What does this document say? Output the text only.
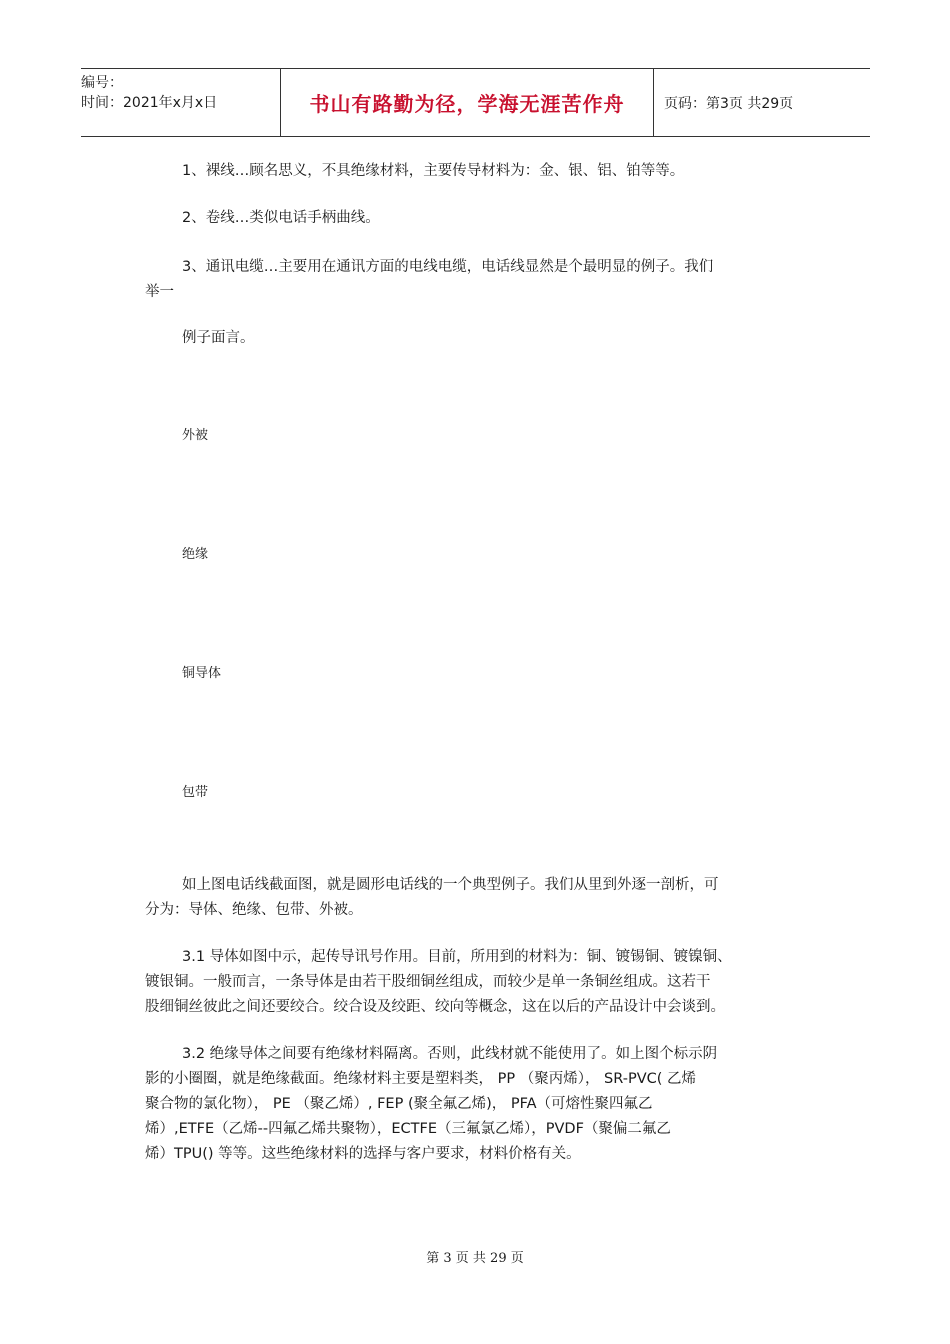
编号：
时间：2021年x月x日	书山有路勤为径，学海无涯苦作舟	页码：第3页 共29页
1、裸线…顾名思义，不具绝缘材料，主要传导材料为：金、银、铝、铂等等。
2、卷线…类似电话手柄曲线。
3、通讯电缆…主要用在通讯方面的电线电缆，电话线显然是个最明显的例子。我们
举一
例子面言。
外被
绝缘
铜导体
包带
如上图电话线截面图，就是圆形电话线的一个典型例子。我们从里到外逐一剖析，可
分为：导体、绝缘、包带、外被。
3.1 导体如图中示，起传导讯号作用。目前，所用到的材料为：铜、镀锡铜、镀镍铜、
镀银铜。一般而言，一条导体是由若干股细铜丝组成，而较少是单一条铜丝组成。这若干
股细铜丝彼此之间还要绞合。绞合设及绞距、绞向等概念，这在以后的产品设计中会谈到。
3.2 绝缘导体之间要有绝缘材料隔离。否则，此线材就不能使用了。如上图个标示阴
影的小圈圈，就是绝缘截面。绝缘材料主要是塑料类， PP （聚丙烯）， SR-PVC( 乙烯
聚合物的氯化物）， PE （聚乙烯）, FEP (聚全氟乙烯)， PFA（可熔性聚四氟乙
烯）,ETFE（乙烯--四氟乙烯共聚物），ECTFE（三氟氯乙烯），PVDF（聚偏二氟乙
烯）TPU() 等等。这些绝缘材料的选择与客户要求，材料价格有关。
第 3 页 共 29 页
